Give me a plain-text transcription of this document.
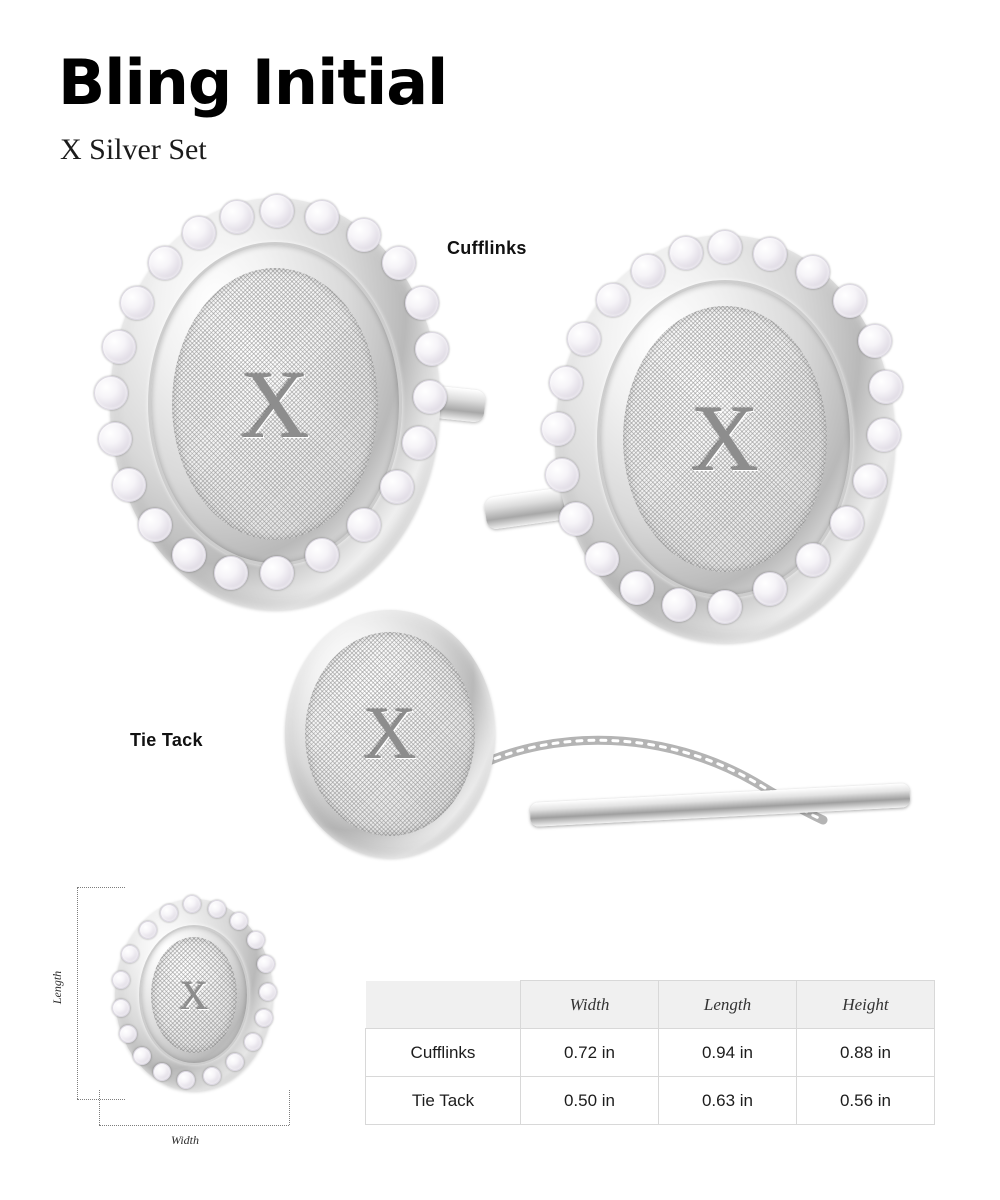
Bling Initial
X Silver Set
Cufflinks
Tie Tack
X	X
X
Length
Width
X
		Width	Length	Height
Cufflinks	0.72 in	0.94 in	0.88 in
Tie Tack	0.50 in	0.63 in	0.56 in
